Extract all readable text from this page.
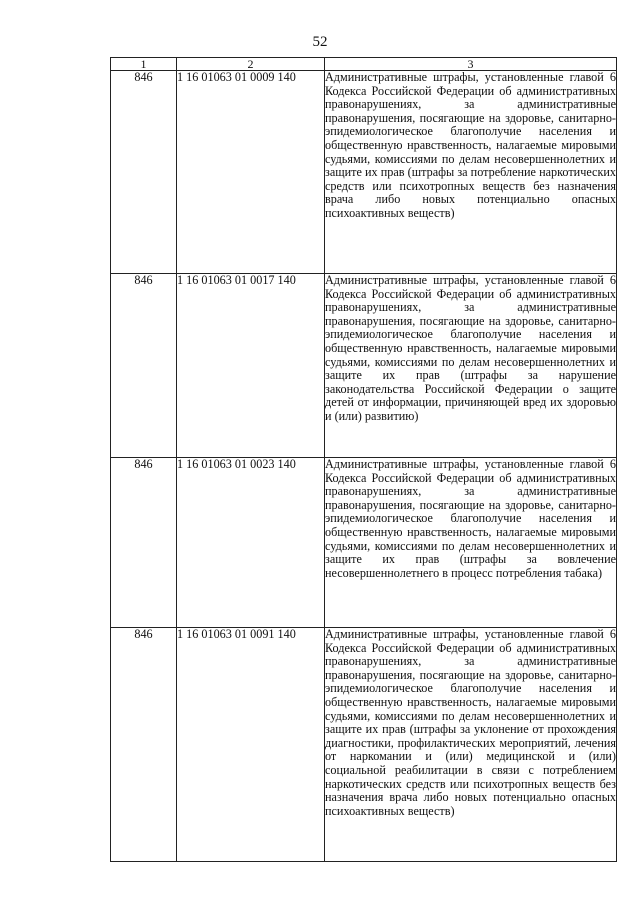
52
1	2	3
846	1 16 01063 01 0009 140	Административные штрафы, установленные главой 6 Кодекса Российской Федерации об административных правонарушениях, за административные правонарушения, посягающие на здоровье, санитарно-эпидемиологическое благополучие населения и общественную нравственность, налагаемые мировыми судьями, комиссиями по делам несовершеннолетних и защите их прав (штрафы за потребление наркотических средств или психотропных веществ без назначения врача либо новых потенциально опасных психоактивных веществ)
846	1 16 01063 01 0017 140	Административные штрафы, установленные главой 6 Кодекса Российской Федерации об административных правонарушениях, за административные правонарушения, посягающие на здоровье, санитарно-эпидемиологическое благополучие населения и общественную нравственность, налагаемые мировыми судьями, комиссиями по делам несовершеннолетних и защите их прав (штрафы за нарушение законодательства Российской Федерации о защите детей от информации, причиняющей вред их здоровью и (или) развитию)
846	1 16 01063 01 0023 140	Административные штрафы, установленные главой 6 Кодекса Российской Федерации об административных правонарушениях, за административные правонарушения, посягающие на здоровье, санитарно-эпидемиологическое благополучие населения и общественную нравственность, налагаемые мировыми судьями, комиссиями по делам несовершеннолетних и защите их прав (штрафы за вовлечение несовершеннолетнего в процесс потребления табака)
846	1 16 01063 01 0091 140	Административные штрафы, установленные главой 6 Кодекса Российской Федерации об административных правонарушениях, за административные правонарушения, посягающие на здоровье, санитарно-эпидемиологическое благополучие населения и общественную нравственность, налагаемые мировыми судьями, комиссиями по делам несовершеннолетних и защите их прав (штрафы за уклонение от прохождения диагностики, профилактических мероприятий, лечения от наркомании и (или) медицинской и (или) социальной реабилитации в связи с потреблением наркотических средств или психотропных веществ без назначения врача либо новых потенциально опасных психоактивных веществ)
